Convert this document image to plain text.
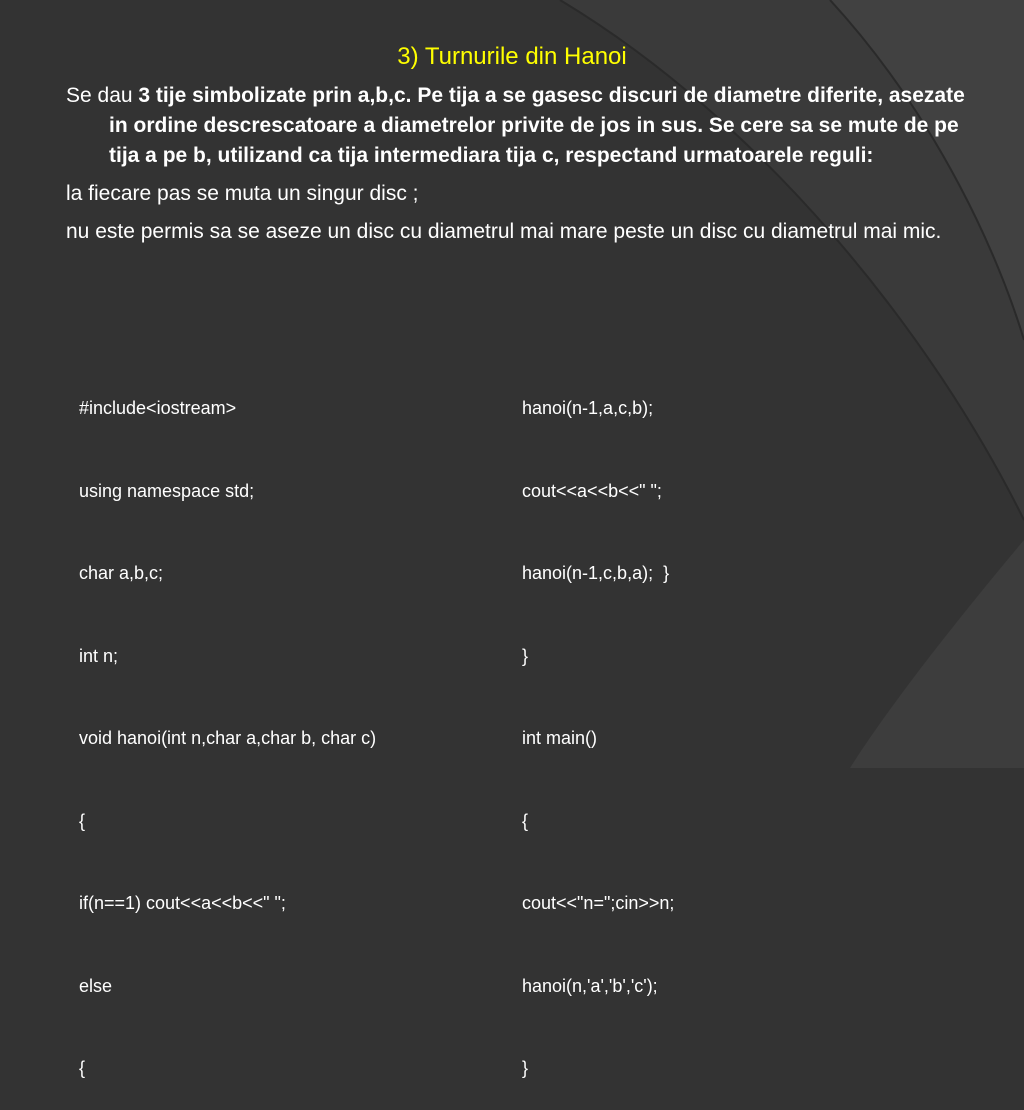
3) Turnurile din Hanoi
Se dau 3 tije simbolizate prin a,b,c. Pe tija a se gasesc discuri de diametre diferite, asezate in ordine descrescatoare a diametrelor privite de jos in sus. Se cere sa se mute de pe tija a pe b, utilizand ca tija intermediara tija c, respectand urmatoarele reguli:
la fiecare pas se muta un singur disc ;
nu este permis sa se aseze un disc cu diametrul mai mare peste un disc cu diametrul mai mic.

#include<iostream>

using namespace std;

char a,b,c;

int n;

void hanoi(int n,char a,char b, char c)

{

if(n==1) cout<<a<<b<<" ";

else

{

hanoi(n-1,a,c,b);

cout<<a<<b<<" ";

hanoi(n-1,c,b,a);  }

}

int main()

{

cout<<"n=";cin>>n;

hanoi(n,'a','b','c');

}
